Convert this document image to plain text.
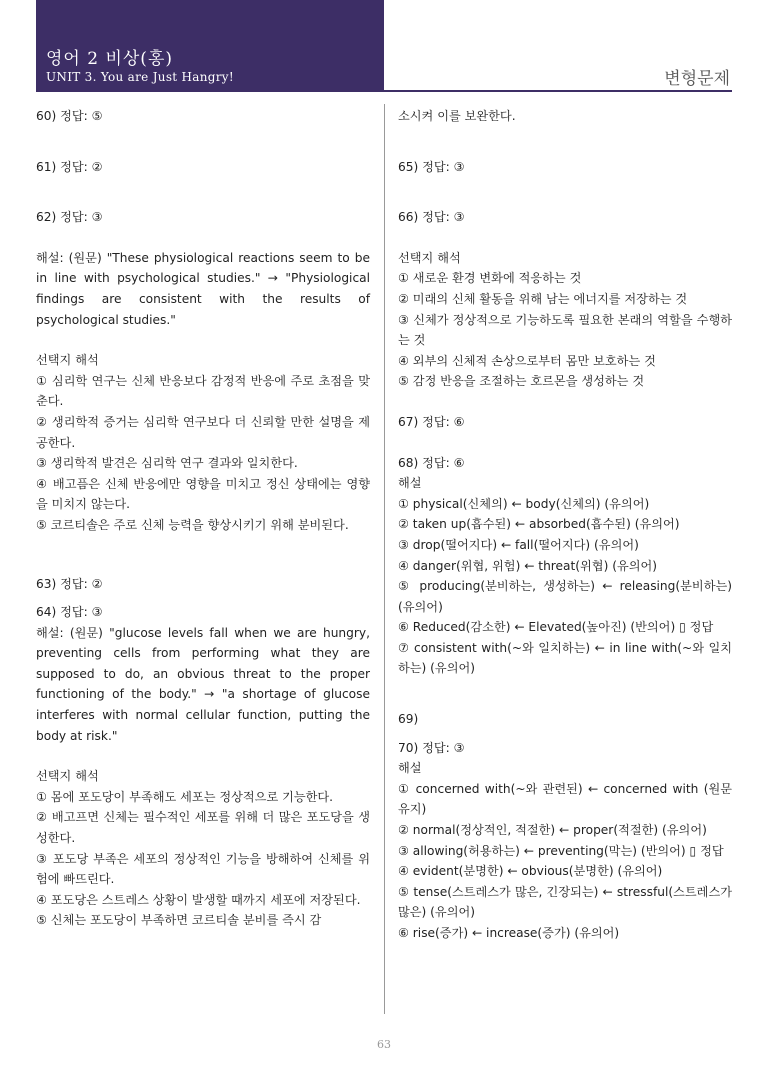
영어 2 비상(홍)
UNIT 3. You are Just Hangry!	변형문제

60) 정답: ⑤

61) 정답: ②

62) 정답: ③

해설: (원문) "These physiological reactions seem to be in line with psychological studies." → "Physiological findings are consistent with the results of psychological studies."

선택지 해석

① 심리학 연구는 신체 반응보다 감정적 반응에 주로 초점을 맞춘다.

② 생리학적 증거는 심리학 연구보다 더 신뢰할 만한 설명을 제공한다.

③ 생리학적 발견은 심리학 연구 결과와 일치한다.

④ 배고픔은 신체 반응에만 영향을 미치고 정신 상태에는 영향을 미치지 않는다.

⑤ 코르티솔은 주로 신체 능력을 향상시키기 위해 분비된다.

63) 정답: ②

64) 정답: ③

해설: (원문) "glucose levels fall when we are hungry, preventing cells from performing what they are supposed to do, an obvious threat to the proper functioning of the body." → "a shortage of glucose interferes with normal cellular function, putting the body at risk."

선택지 해석

① 몸에 포도당이 부족해도 세포는 정상적으로 기능한다.

② 배고프면 신체는 필수적인 세포를 위해 더 많은 포도당을 생성한다.

③ 포도당 부족은 세포의 정상적인 기능을 방해하여 신체를 위험에 빠뜨린다.

④ 포도당은 스트레스 상황이 발생할 때까지 세포에 저장된다.

⑤ 신체는 포도당이 부족하면 코르티솔 분비를 즉시 감

소시켜 이를 보완한다.

65) 정답: ③

66) 정답: ③

선택지 해석

① 새로운 환경 변화에 적응하는 것

② 미래의 신체 활동을 위해 남는 에너지를 저장하는 것

③ 신체가 정상적으로 기능하도록 필요한 본래의 역할을 수행하는 것

④ 외부의 신체적 손상으로부터 몸만 보호하는 것

⑤ 감정 반응을 조절하는 호르몬을 생성하는 것

67) 정답: ⑥

68) 정답: ⑥

해설

① physical(신체의) ← body(신체의) (유의어)

② taken up(흡수된) ← absorbed(흡수된) (유의어)

③ drop(떨어지다) ← fall(떨어지다) (유의어)

④ danger(위협, 위험) ← threat(위협) (유의어)

⑤ producing(분비하는, 생성하는) ← releasing(분비하는) (유의어)

⑥ Reduced(감소한) ← Elevated(높아진) (반의어) ▯ 정답

⑦ consistent with(~와 일치하는) ← in line with(~와 일치하는) (유의어)

69)

70) 정답: ③

해설

① concerned with(~와 관련된) ← concerned with (원문 유지)

② normal(정상적인, 적절한) ← proper(적절한) (유의어)

③ allowing(허용하는) ← preventing(막는) (반의어) ▯ 정답

④ evident(분명한) ← obvious(분명한) (유의어)

⑤ tense(스트레스가 많은, 긴장되는) ← stressful(스트레스가 많은) (유의어)

⑥ rise(증가) ← increase(증가) (유의어)

63
